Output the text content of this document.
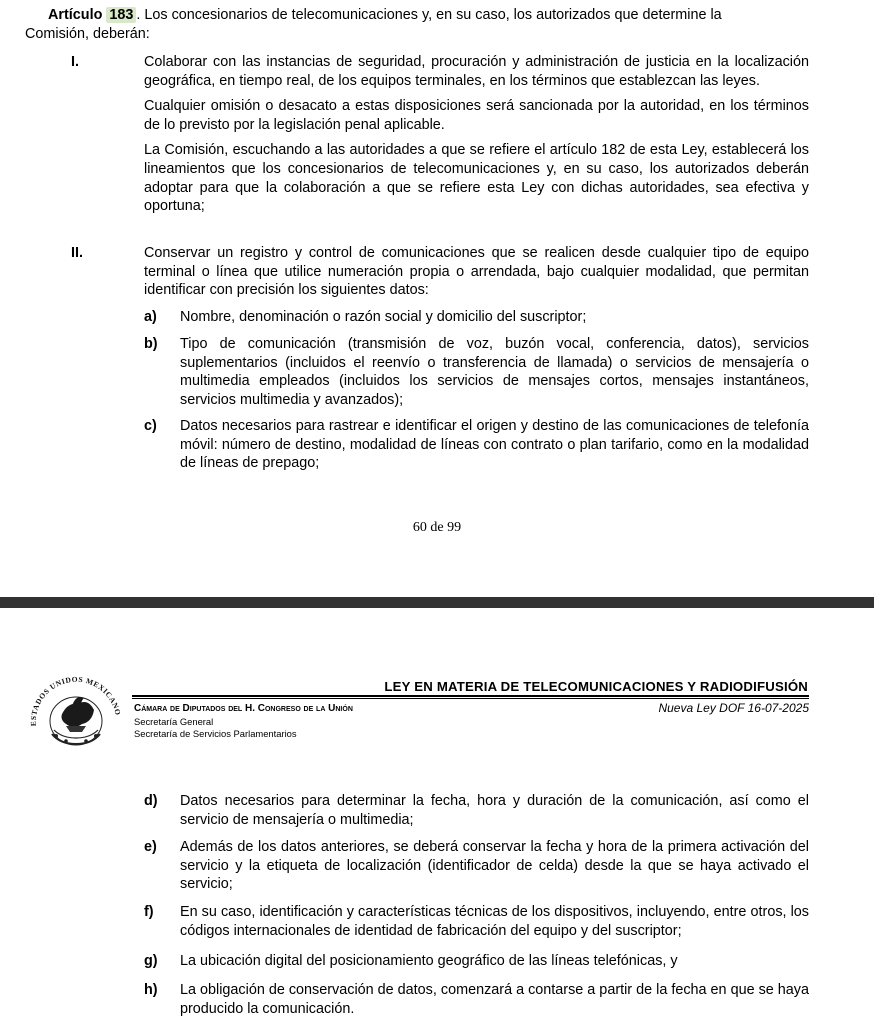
Artículo 183 . Los concesionarios de telecomunicaciones y, en su caso, los autorizados que determine la
Comisión, deberán:

I.	Colaborar con las instancias de seguridad, procuración y administración de justicia en la localización geográfica, en tiempo real, de los equipos terminales, en los términos que establezcan las leyes.

Cualquier omisión o desacato a estas disposiciones será sancionada por la autoridad, en los términos de lo previsto por la legislación penal aplicable.

La Comisión, escuchando a las autoridades a que se refiere el artículo 182 de esta Ley, establecerá los lineamientos que los concesionarios de telecomunicaciones y, en su caso, los autorizados deberán adoptar para que la colaboración a que se refiere esta Ley con dichas autoridades, sea efectiva y oportuna;

II.	Conservar un registro y control de comunicaciones que se realicen desde cualquier tipo de equipo terminal o línea que utilice numeración propia o arrendada, bajo cualquier modalidad, que permitan identificar con precisión los siguientes datos:

a) Nombre, denominación o razón social y domicilio del suscriptor;

b) Tipo de comunicación (transmisión de voz, buzón vocal, conferencia, datos), servicios suplementarios (incluidos el reenvío o transferencia de llamada) o servicios de mensajería o multimedia empleados (incluidos los servicios de mensajes cortos, mensajes instantáneos, servicios multimedia y avanzados);

c) Datos necesarios para rastrear e identificar el origen y destino de las comunicaciones de telefonía móvil: número de destino, modalidad de líneas con contrato o plan tarifario, como en la modalidad de líneas de prepago;

60 de 99
ESTADOS UNIDOS MEXICANO
LEY EN MATERIA DE TELECOMUNICACIONES Y RADIODIFUSIÓN
Cámara de Diputados del H. Congreso de la Unión	Nueva Ley DOF 16-07-2025
Secretaría General
Secretaría de Servicios Parlamentarios
d) Datos necesarios para determinar la fecha, hora y duración de la comunicación, así como el servicio de mensajería o multimedia;

e) Además de los datos anteriores, se deberá conservar la fecha y hora de la primera activación del servicio y la etiqueta de localización (identificador de celda) desde la que se haya activado el servicio;

f) En su caso, identificación y características técnicas de los dispositivos, incluyendo, entre otros, los códigos internacionales de identidad de fabricación del equipo y del suscriptor;

g) La ubicación digital del posicionamiento geográfico de las líneas telefónicas, y

h) La obligación de conservación de datos, comenzará a contarse a partir de la fecha en que se haya producido la comunicación.
